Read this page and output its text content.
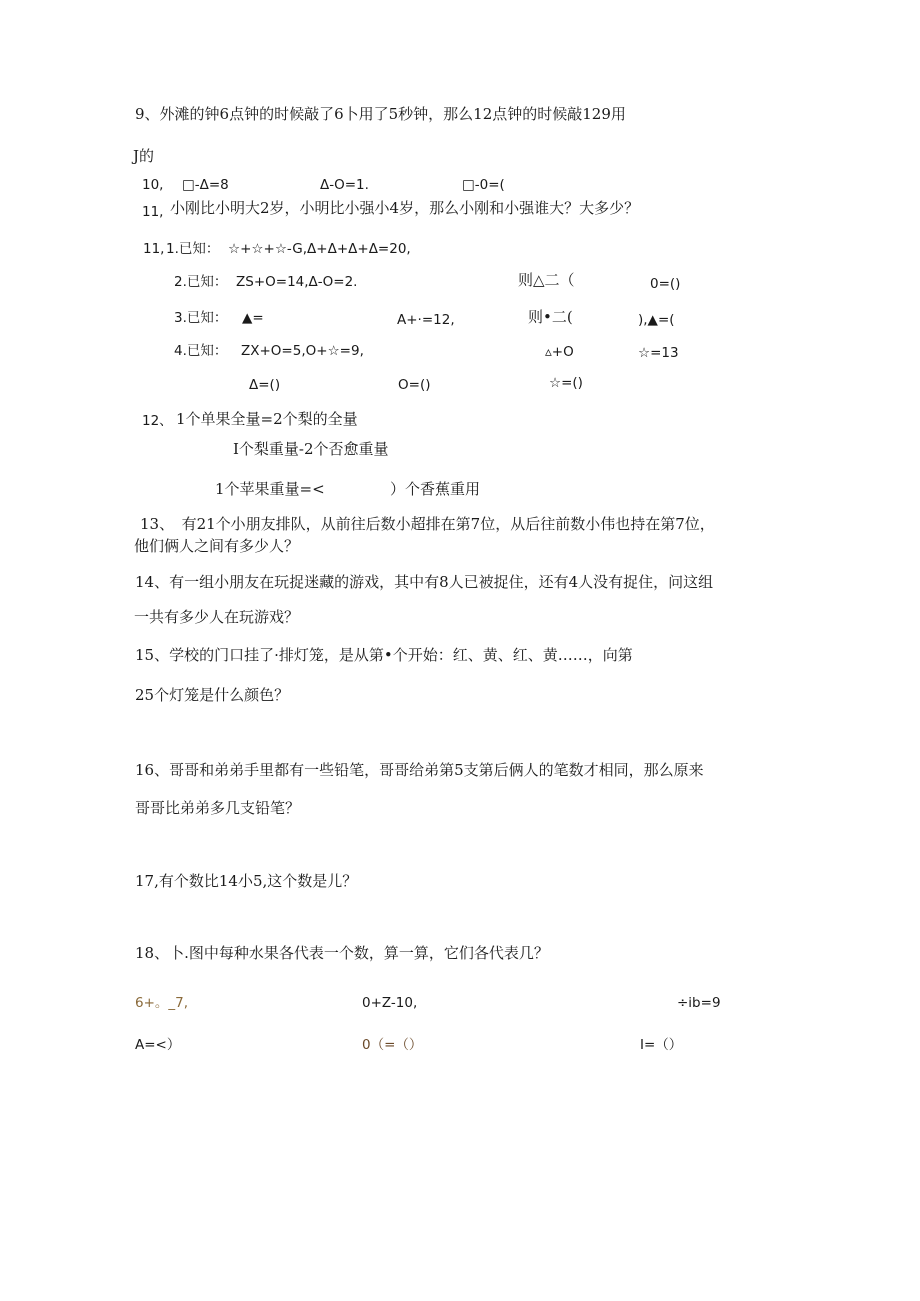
9、外滩的钟6点钟的时候敲了6卜用了5秒钟，那么12点钟的时候敲129用
J的
10, □-Δ=8	Δ-O=1.	□-0=(
11, 小刚比小明大2岁，小明比小强小4岁，那么小刚和小强谁大？大多少？
11, 1.已知： ☆+☆+☆-G,Δ+Δ+Δ+Δ=20,
2.已知： ZS+O=14,Δ-O=2.	则△二（	0=()
3.已知： ▲=	A+·=12,	则•二(	),▲=(
4.已知： ZX+O=5,O+☆=9,	▵+O	☆=13
Δ=()	O=()	☆=()
12、 1个单果全量=2个梨的全量
I个梨重量-2个否愈重量
1个苹果重量=<	）个香蕉重用
13、　有21个小朋友排队，从前往后数小超排在第7位，从后往前数小伟也持在第7位，
他们俩人之间有多少人？
14、有一组小朋友在玩捉迷藏的游戏，其中有8人已被捉住，还有4人没有捉住，问这组
一共有多少人在玩游戏？
15、学校的门口挂了·排灯笼，是从第•个开始：红、黄、红、黄……，向第
25个灯笼是什么颜色？
16、哥哥和弟弟手里都有一些铅笔，哥哥给弟第5支第后俩人的笔数才相同，那么原来
哥哥比弟弟多几支铅笔？
17,有个数比14小5,这个数是儿？
18、卜.图中每种水果各代表一个数，算一算，它们各代表几？
6+。_7,	0+Z-10,	÷ib=9
A=<）	0（=（）	I=（）
